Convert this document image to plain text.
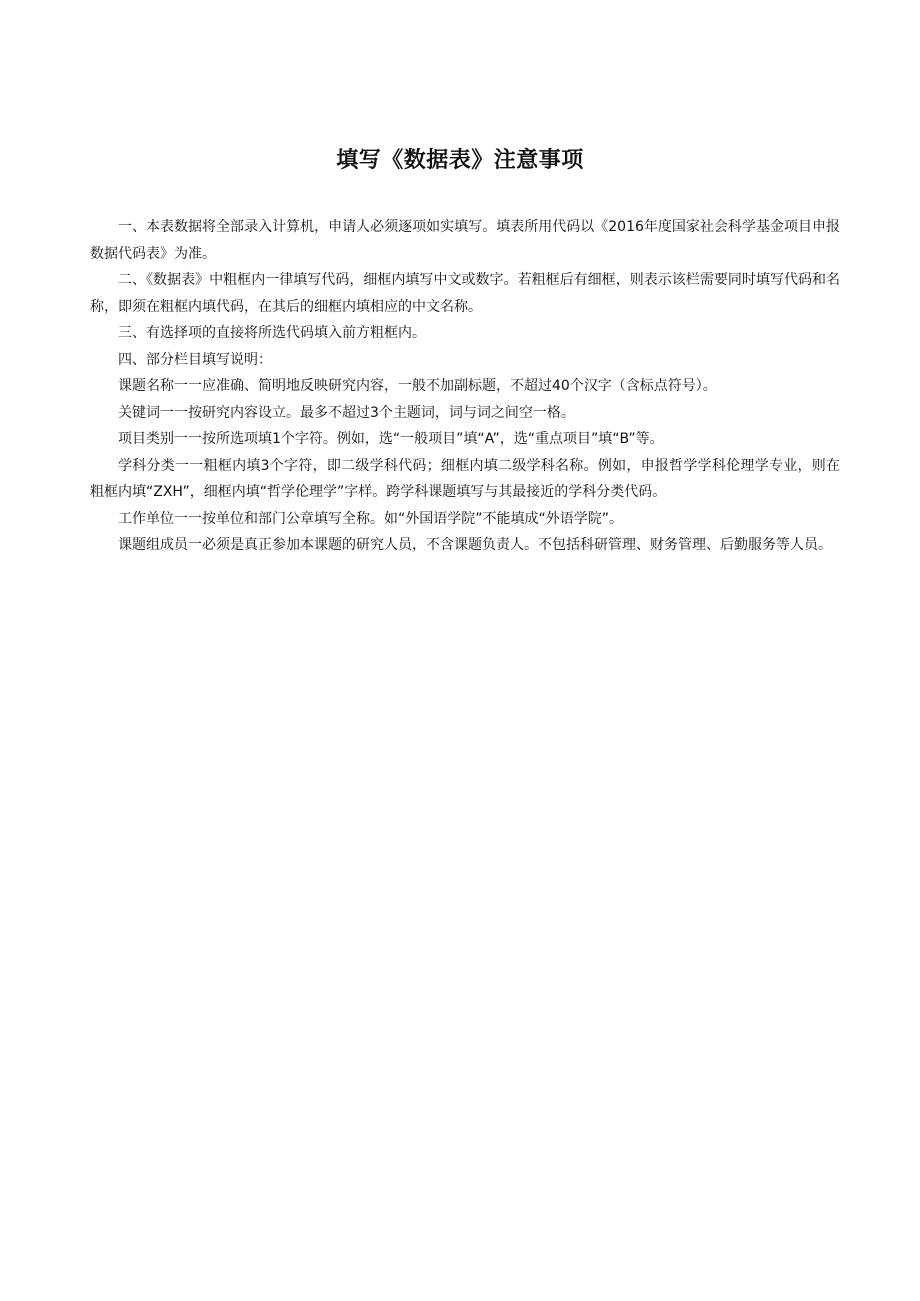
填写《数据表》注意事项

一、本表数据将全部录入计算机，申请人必须逐项如实填写。填表所用代码以《2016年度国家社会科学基金项目申报数据代码表》为准。

二、《数据表》中粗框内一律填写代码，细框内填写中文或数字。若粗框后有细框，则表示该栏需要同时填写代码和名称，即须在粗框内填代码，在其后的细框内填相应的中文名称。

三、有选择项的直接将所选代码填入前方粗框内。

四、部分栏目填写说明：

课题名称一一应准确、简明地反映研究内容，一般不加副标题，不超过40个汉字（含标点符号）。

关键词一一按研究内容设立。最多不超过3个主题词，词与词之间空一格。

项目类别一一按所选项填1个字符。例如，选“一般项目”填“A”，选“重点项目”填“B”等。

学科分类一一粗框内填3个字符，即二级学科代码；细框内填二级学科名称。例如，申报哲学学科伦理学专业，则在粗框内填“ZXH”，细框内填“哲学伦理学”字样。跨学科课题填写与其最接近的学科分类代码。

工作单位一一按单位和部门公章填写全称。如“外国语学院”不能填成“外语学院”。

课题组成员一必须是真正参加本课题的研究人员，不含课题负责人。不包括科研管理、财务管理、后勤服务等人员。
